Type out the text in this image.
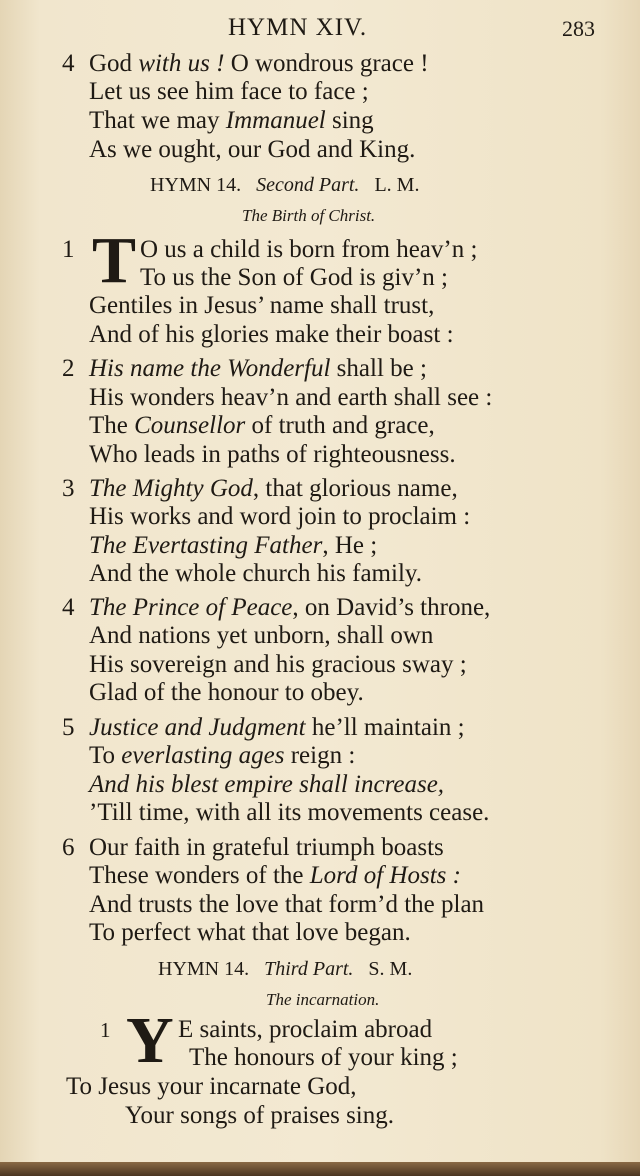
HYMN XIV.	283
4 God with us ! O wondrous grace !
Let us see him face to face ;
That we may Immanuel sing
As we ought, our God and King.
HYMN 14. Second Part. L. M.
The Birth of Christ.
1 T O us a child is born from heav’n ;
To us the Son of God is giv’n ;
Gentiles in Jesus’ name shall trust,
And of his glories make their boast :
2 His name the Wonderful shall be ;
His wonders heav’n and earth shall see :
The Counsellor of truth and grace,
Who leads in paths of righteousness.
3 The Mighty God, that glorious name,
His works and word join to proclaim :
The Evertasting Father, He ;
And the whole church his family.
4 The Prince of Peace, on David’s throne,
And nations yet unborn, shall own
His sovereign and his gracious sway ;
Glad of the honour to obey.
5 Justice and Judgment he’ll maintain ;
To everlasting ages reign :
And his blest empire shall increase,
’Till time, with all its movements cease.
6 Our faith in grateful triumph boasts
These wonders of the Lord of Hosts :
And trusts the love that form’d the plan
To perfect what that love began.
HYMN 14. Third Part. S. M.
The incarnation.
1 Y E saints, proclaim abroad
The honours of your king ;
To Jesus your incarnate God,
Your songs of praises sing.
